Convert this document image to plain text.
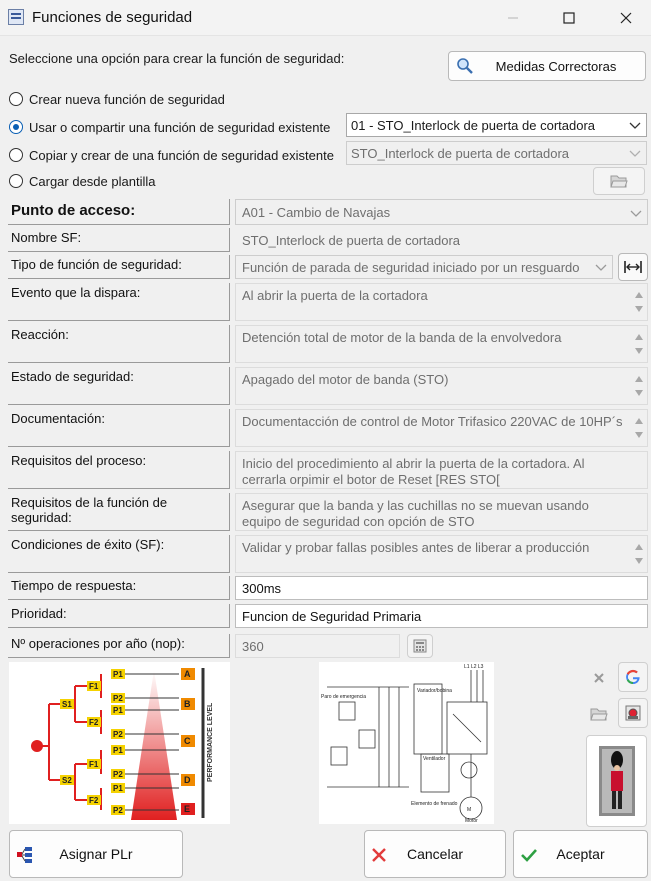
Funciones de seguridad
Seleccione una opción para crear la función de seguridad:	Medidas Correctoras
Crear nueva función de seguridad
Usar o compartir una función de seguridad existente
Copiar y crear de una función de seguridad existente
Cargar desde plantilla
01 - STO_Interlock de puerta de cortadora
STO_Interlock de puerta de cortadora
Punto de acceso:	A01 - Cambio de Navajas
Nombre SF:	STO_Interlock de puerta de cortadora
Tipo de función de seguridad:	Función de parada de seguridad iniciado por un resguardo
Evento que la dispara:	Al abrir la puerta de la cortadora
Reacción:	Detención total de motor de la banda de la envolvedora
Estado de seguridad:	Apagado del motor de banda (STO)
Documentación:	Documentacción de control de Motor Trifasico 220VAC de 10HP´s
Requisitos del proceso:	Inicio del procedimiento al abrir la puerta de la cortadora. Al
cerrarla orpimir el botor de Reset [RES STO[
Requisitos de la función de seguridad:
Asegurar que la banda y las cuchillas no se muevan usando
equipo de seguridad con opción de STO
Condiciones de éxito (SF):	Validar y probar fallas posibles antes de liberar a producción
Tiempo de respuesta:	300ms
Prioridad:	Funcion de Seguridad Primaria
Nº operaciones por año (nop):	360
S1
S2
F1
F2
F1
F2
P1
P2
P1
P2
P1
P2
P1
P2
A
B
C
D
E
PERFORMANCE LEVEL
L1 L2 L3
Paro de emergencia
Variador/bobina
Ventilador
Elemento de frenado
Motor
M
Asignar PLr	Cancelar	Aceptar
